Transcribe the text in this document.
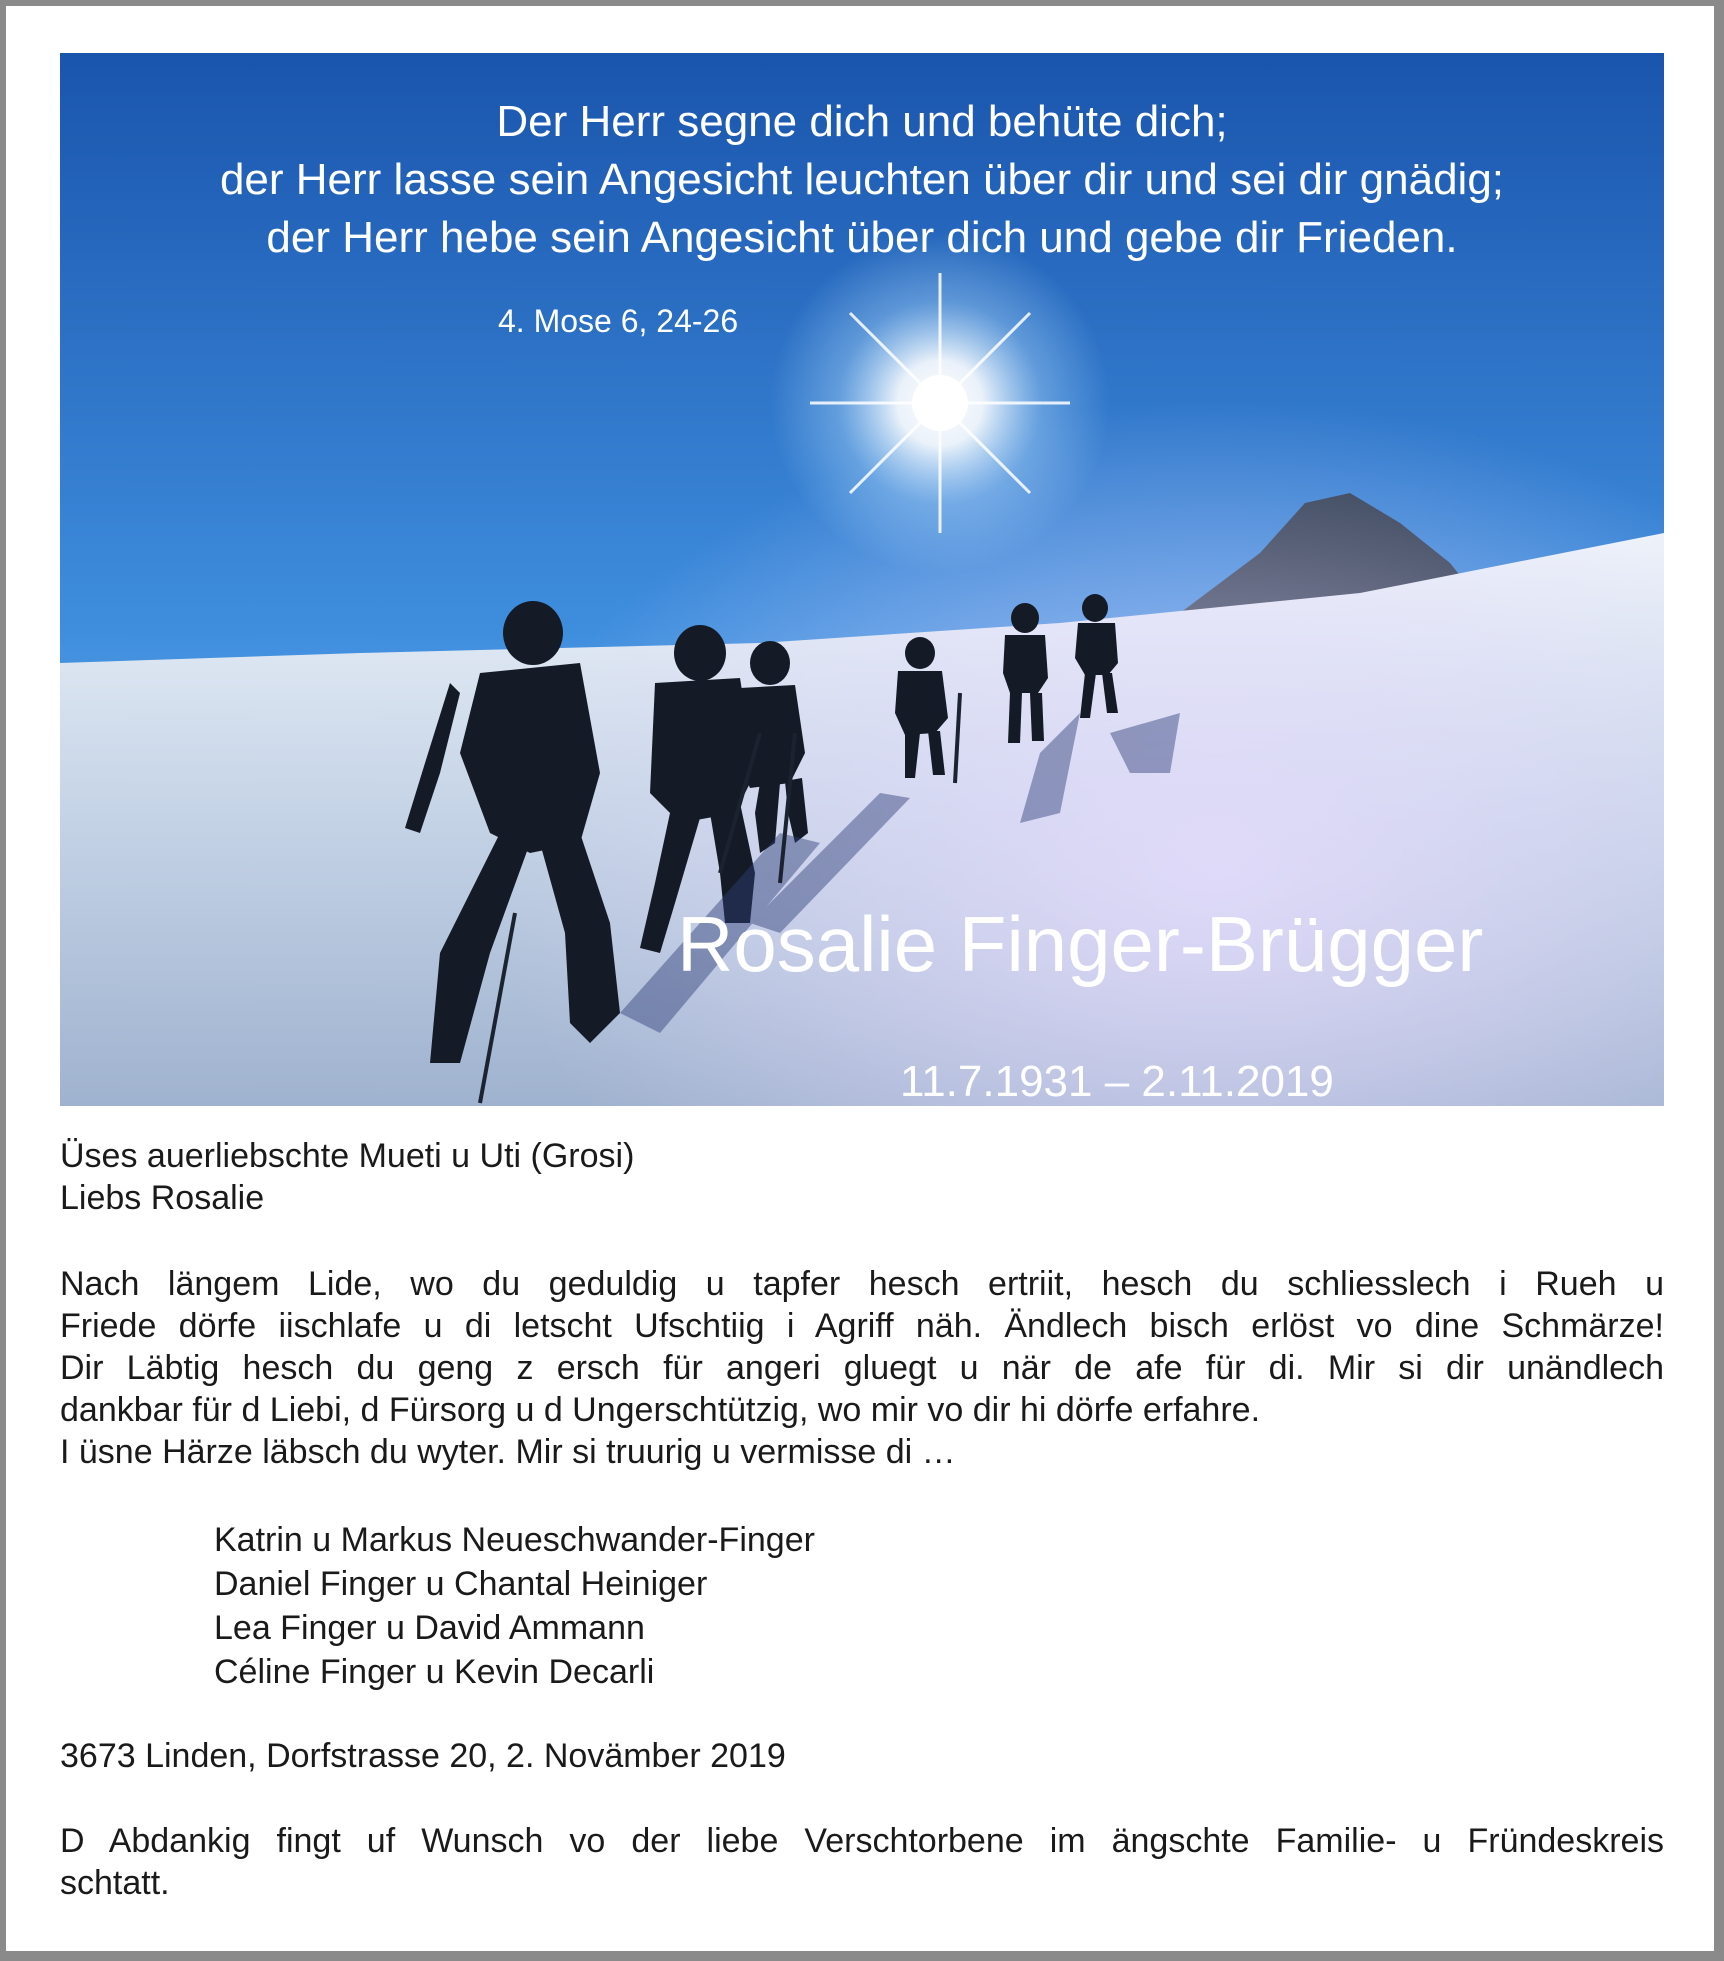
Der Herr segne dich und behüte dich;
der Herr lasse sein Angesicht leuchten über dir und sei dir gnädig;
der Herr hebe sein Angesicht über dich und gebe dir Frieden.
4. Mose 6, 24-26
Rosalie Finger-Brügger
11.7.1931 – 2.11.2019
Üses auerliebschte Mueti u Uti (Grosi)
Liebs Rosalie
Nach längem Lide, wo du geduldig u tapfer hesch ertriit, hesch du schliesslech i Rueh u
Friede dörfe iischlafe u di letscht Ufschtiig i Agriff näh. Ändlech bisch erlöst vo dine Schmärze!
Dir Läbtig hesch du geng z ersch für angeri gluegt u när de afe für di. Mir si dir unändlech
dankbar für d Liebi, d Fürsorg u d Ungerschtützig, wo mir vo dir hi dörfe erfahre.
I üsne Härze läbsch du wyter. Mir si truurig u vermisse di …
Katrin u Markus Neueschwander-Finger
Daniel Finger u Chantal Heiniger
Lea Finger u David Ammann
Céline Finger u Kevin Decarli
3673 Linden, Dorfstrasse 20, 2. Novämber 2019
D Abdankig fingt uf Wunsch vo der liebe Verschtorbene im ängschte Familie- u Fründeskreis
schtatt.
